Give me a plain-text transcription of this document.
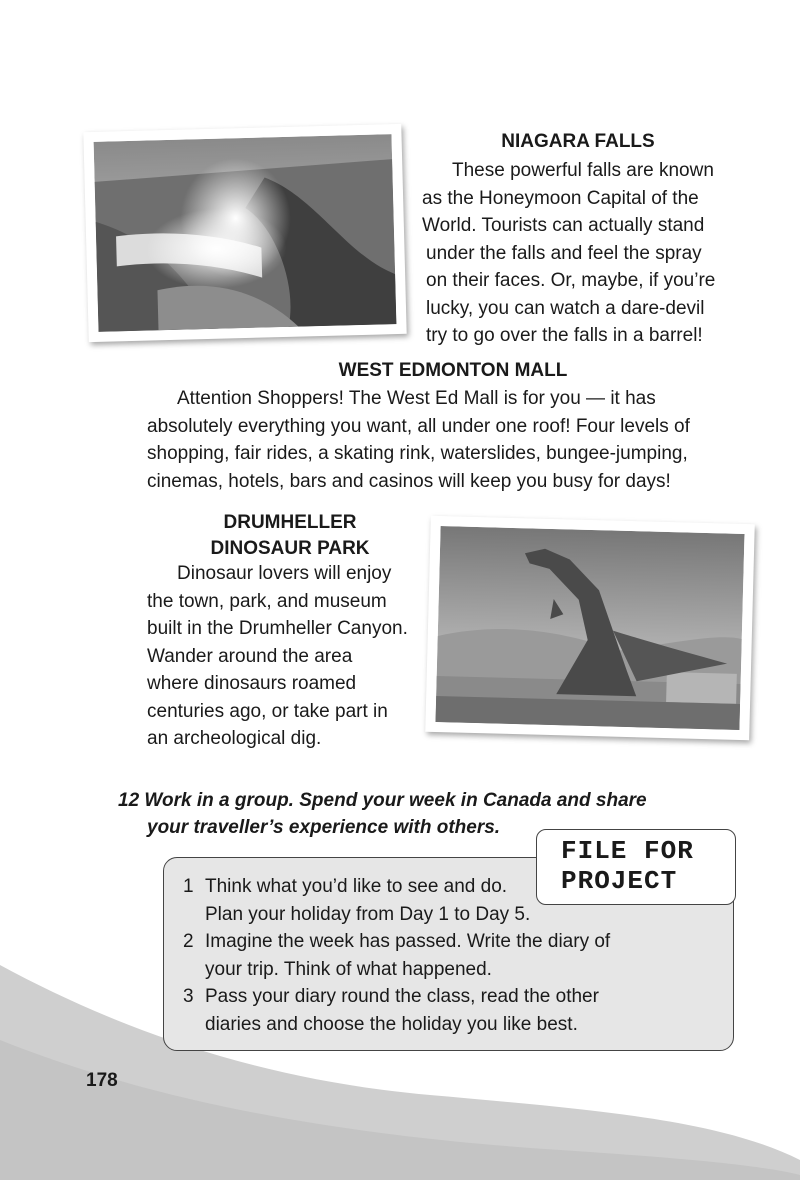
NIAGARA FALLS
These powerful falls are known
as the Honeymoon Capital of the
World. Tourists can actually stand
under the falls and feel the spray
on their faces. Or, maybe, if you’re
lucky, you can watch a dare-devil
try to go over the falls in a barrel!
WEST EDMONTON MALL
Attention Shoppers! The West Ed Mall is for you — it has
absolutely everything you want, all under one roof! Four levels of
shopping, fair rides, a skating rink, waterslides, bungee-jumping,
cinemas, hotels, bars and casinos will keep you busy for days!
DRUMHELLER
DINOSAUR PARK
Dinosaur lovers will enjoy
the town, park, and museum
built in the Drumheller Canyon.
Wander around the area
where dinosaurs roamed
centuries ago, or take part in
an archeological dig.
12 Work in a group. Spend your week in Canada and share
your traveller’s experience with others.
FILE FOR
PROJECT
1 Think what you’d like to see and do.
Plan your holiday from Day 1 to Day 5.
2 Imagine the week has passed. Write the diary of
your trip. Think of what happened.
3 Pass your diary round the class, read the other
diaries and choose the holiday you like best.
178
